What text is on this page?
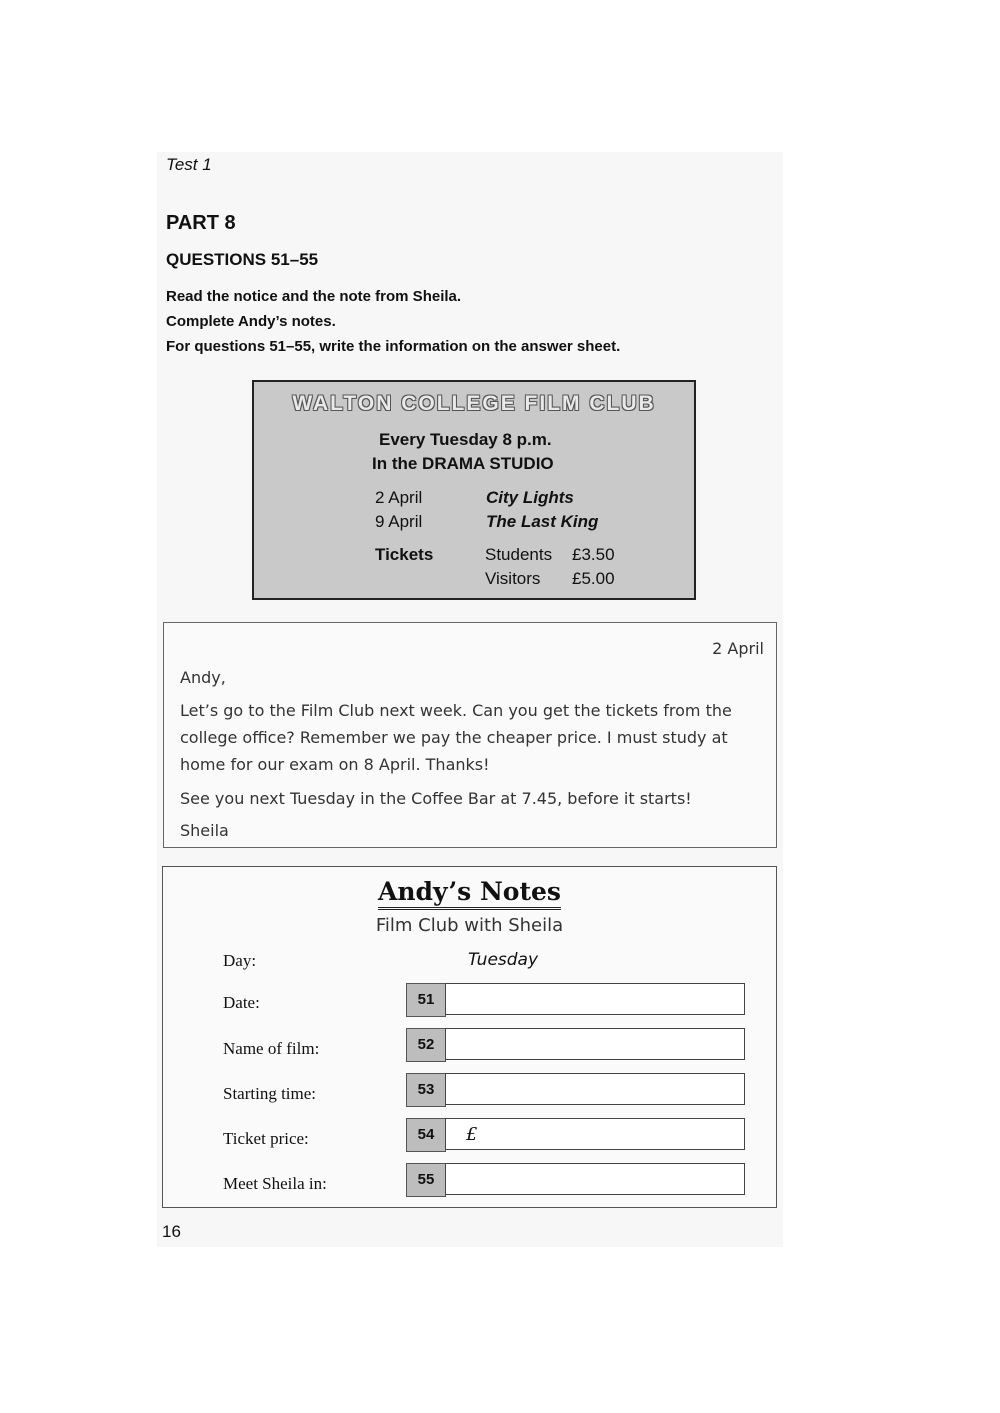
Test 1
PART 8
QUESTIONS 51–55
Read the notice and the note from Sheila.
Complete Andy’s notes.
For questions 51–55, write the information on the answer sheet.
WALTON COLLEGE FILM CLUB
Every Tuesday 8 p.m.
In the DRAMA STUDIO
2 April	City Lights
9 April	The Last King
Tickets	Students £3.50
Visitors £5.00
2 April
Andy,
Let’s go to the Film Club next week. Can you get the tickets from the
college office? Remember we pay the cheaper price. I must study at
home for our exam on 8 April. Thanks!
See you next Tuesday in the Coffee Bar at 7.45, before it starts!
Sheila
Andy’s Notes
Film Club with Sheila
Day:	Tuesday
Date:	51
Name of film:	52
Starting time:	53
Ticket price:	54	£
Meet Sheila in:	55
16
